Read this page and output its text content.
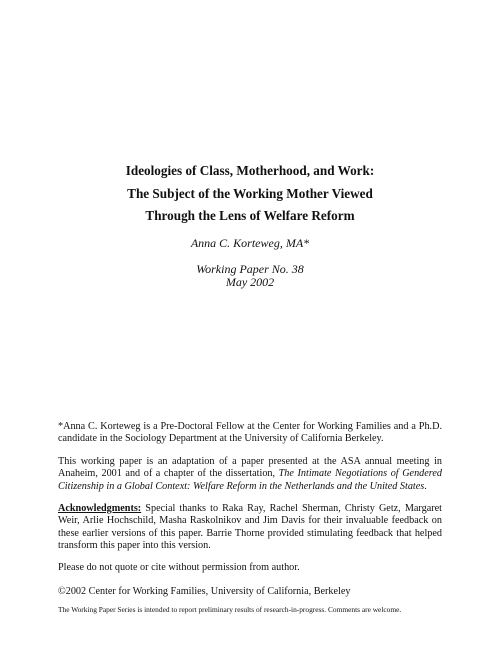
Ideologies of Class, Motherhood, and Work:
The Subject of the Working Mother Viewed
Through the Lens of Welfare Reform
Anna C. Korteweg, MA*
Working Paper No. 38
May 2002

*Anna C. Korteweg is a Pre-Doctoral Fellow at the Center for Working Families and a Ph.D. candidate in the Sociology Department at the University of California Berkeley.

This working paper is an adaptation of a paper presented at the ASA annual meeting in Anaheim, 2001 and of a chapter of the dissertation, The Intimate Negotiations of Gendered Citizenship in a Global Context: Welfare Reform in the Netherlands and the United States.

Acknowledgments: Special thanks to Raka Ray, Rachel Sherman, Christy Getz, Margaret Weir, Arlie Hochschild, Masha Raskolnikov and Jim Davis for their invaluable feedback on these earlier versions of this paper. Barrie Thorne provided stimulating feedback that helped transform this paper into this version.

Please do not quote or cite without permission from author.

©2002 Center for Working Families, University of California, Berkeley
The Working Paper Series is intended to report preliminary results of research-in-progress. Comments are welcome.
